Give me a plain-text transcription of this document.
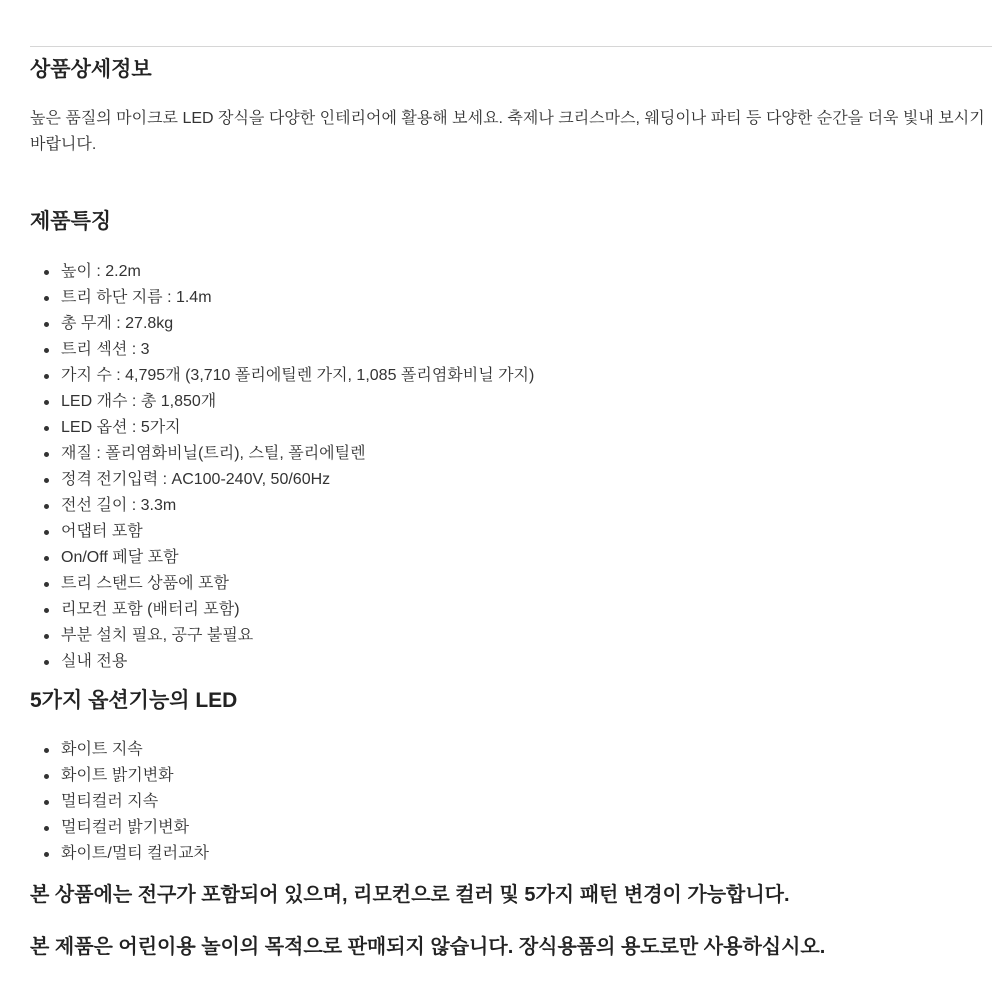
상품상세정보

높은 품질의 마이크로 LED 장식을 다양한 인테리어에 활용해 보세요. 축제나 크리스마스, 웨딩이나 파티 등 다양한 순간을 더욱 빛내 보시기 바랍니다.

제품특징
높이 : 2.2m
트리 하단 지름 : 1.4m
총 무게 : 27.8kg
트리 섹션 : 3
가지 수 : 4,795개 (3,710 폴리에틸렌 가지, 1,085 폴리염화비닐 가지)
LED 개수 : 총 1,850개
LED 옵션 : 5가지
재질 : 폴리염화비닐(트리), 스틸, 폴리에틸렌
정격 전기입력 : AC100-240V, 50/60Hz
전선 길이 : 3.3m
어댑터 포함
On/Off 페달 포함
트리 스탠드 상품에 포함
리모컨 포함 (배터리 포함)
부분 설치 필요, 공구 불필요
실내 전용
5가지 옵션기능의 LED
화이트 지속
화이트 밝기변화
멀티컬러 지속
멀티컬러 밝기변화
화이트/멀티 컬러교차

본 상품에는 전구가 포함되어 있으며, 리모컨으로 컬러 및 5가지 패턴 변경이 가능합니다.

본 제품은 어린이용 놀이의 목적으로 판매되지 않습니다. 장식용품의 용도로만 사용하십시오.
